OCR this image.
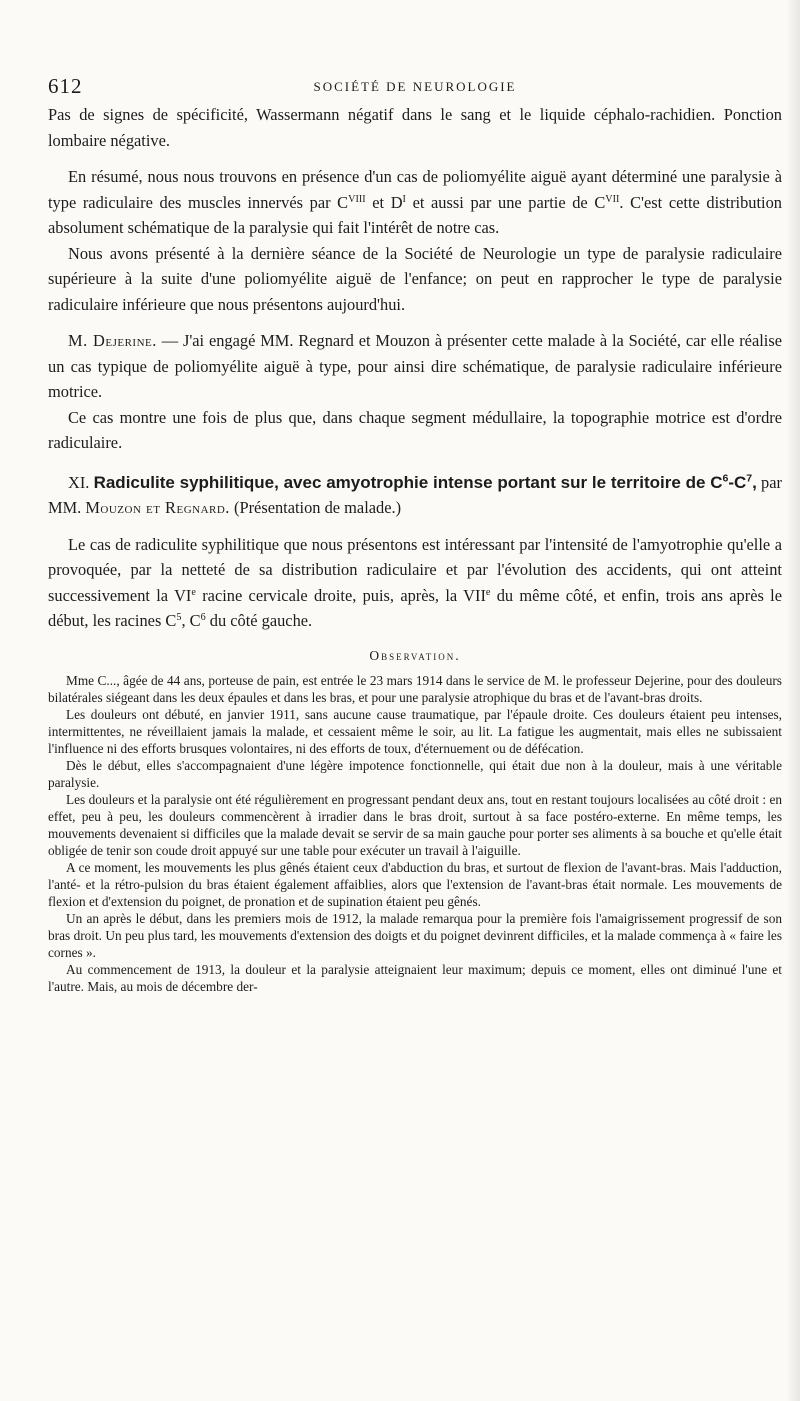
612	SOCIÉTÉ DE NEUROLOGIE

Pas de signes de spécificité, Wassermann négatif dans le sang et le liquide céphalo-rachidien. Ponction lombaire négative.

En résumé, nous nous trouvons en présence d'un cas de poliomyélite aiguë ayant déterminé une paralysie à type radiculaire des muscles innervés par $C^{VIII}$ et $D^I$ et aussi par une partie de $C^{VII}$. C'est cette distribution absolument schématique de la paralysie qui fait l'intérêt de notre cas.

Nous avons présenté à la dernière séance de la Société de Neurologie un type de paralysie radiculaire supérieure à la suite d'une poliomyélite aiguë de l'enfance; on peut en rapprocher le type de paralysie radiculaire inférieure que nous présentons aujourd'hui.

M. Dejerine. — J'ai engagé MM. Regnard et Mouzon à présenter cette malade à la Société, car elle réalise un cas typique de poliomyélite aiguë à type, pour ainsi dire schématique, de paralysie radiculaire inférieure motrice.

Ce cas montre une fois de plus que, dans chaque segment médullaire, la topographie motrice est d'ordre radiculaire.

XI. Radiculite syphilitique, avec amyotrophie intense portant sur le territoire de $C^6-C^7$, par MM. Mouzon et Regnard. (Présentation de malade.)

Le cas de radiculite syphilitique que nous présentons est intéressant par l'intensité de l'amyotrophie qu'elle a provoquée, par la netteté de sa distribution radiculaire et par l'évolution des accidents, qui ont atteint successivement la VIe racine cervicale droite, puis, après, la VIIe du même côté, et enfin, trois ans après le début, les racines $C^5$, $C^6$ du côté gauche.

Observation.

Mme C..., âgée de 44 ans, porteuse de pain, est entrée le 23 mars 1914 dans le service de M. le professeur Dejerine, pour des douleurs bilatérales siégeant dans les deux épaules et dans les bras, et pour une paralysie atrophique du bras et de l'avant-bras droits.

Les douleurs ont débuté, en janvier 1911, sans aucune cause traumatique, par l'épaule droite. Ces douleurs étaient peu intenses, intermittentes, ne réveillaient jamais la malade, et cessaient même le soir, au lit. La fatigue les augmentait, mais elles ne subissaient l'influence ni des efforts brusques volontaires, ni des efforts de toux, d'éternuement ou de défécation.

Dès le début, elles s'accompagnaient d'une légère impotence fonctionnelle, qui était due non à la douleur, mais à une véritable paralysie.

Les douleurs et la paralysie ont été régulièrement en progressant pendant deux ans, tout en restant toujours localisées au côté droit : en effet, peu à peu, les douleurs commencèrent à irradier dans le bras droit, surtout à sa face postéro-externe. En même temps, les mouvements devenaient si difficiles que la malade devait se servir de sa main gauche pour porter ses aliments à sa bouche et qu'elle était obligée de tenir son coude droit appuyé sur une table pour exécuter un travail à l'aiguille.

A ce moment, les mouvements les plus gênés étaient ceux d'abduction du bras, et surtout de flexion de l'avant-bras. Mais l'adduction, l'anté- et la rétro-pulsion du bras étaient également affaiblies, alors que l'extension de l'avant-bras était normale. Les mouvements de flexion et d'extension du poignet, de pronation et de supination étaient peu gênés.

Un an après le début, dans les premiers mois de 1912, la malade remarqua pour la première fois l'amaigrissement progressif de son bras droit. Un peu plus tard, les mouvements d'extension des doigts et du poignet devinrent difficiles, et la malade commença à « faire les cornes ».

Au commencement de 1913, la douleur et la paralysie atteignaient leur maximum; depuis ce moment, elles ont diminué l'une et l'autre. Mais, au mois de décembre der-
